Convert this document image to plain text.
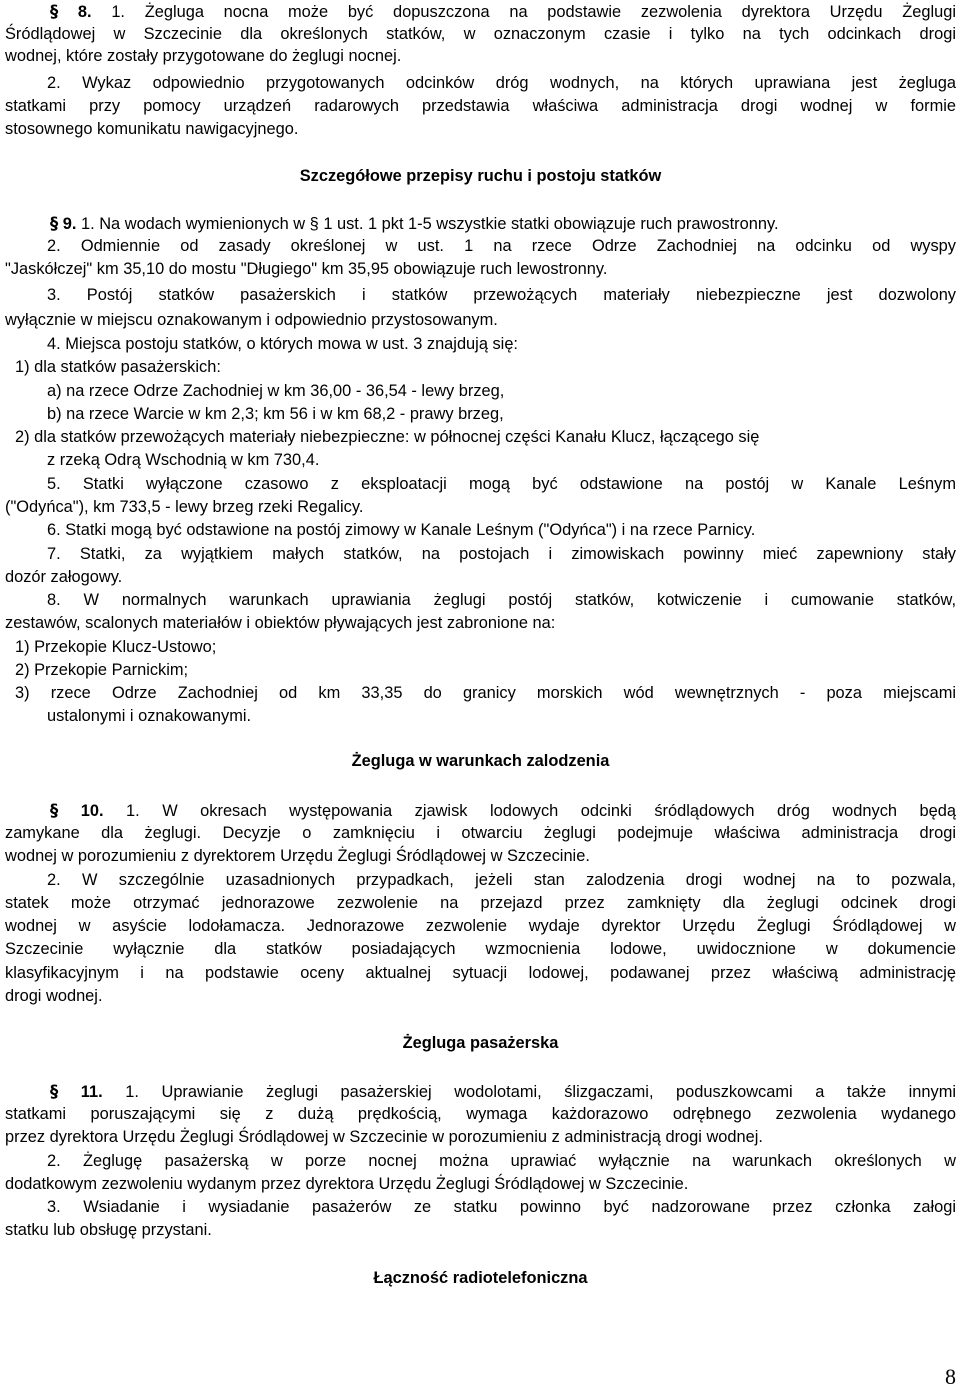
§ 8. 1. Żegluga nocna może być dopuszczona na podstawie zezwolenia dyrektora Urzędu Żeglugi
Śródlądowej w Szczecinie dla określonych statków, w oznaczonym czasie i tylko na tych odcinkach drogi
wodnej, które zostały przygotowane do żeglugi nocnej.
2. Wykaz odpowiednio przygotowanych odcinków dróg wodnych, na których uprawiana jest żegluga
statkami przy pomocy urządzeń radarowych przedstawia właściwa administracja drogi wodnej w formie
stosownego komunikatu nawigacyjnego.
Szczegółowe przepisy ruchu i postoju statków
§ 9. 1. Na wodach wymienionych w § 1 ust. 1 pkt 1-5 wszystkie statki obowiązuje ruch prawostronny.
2. Odmiennie od zasady określonej w ust. 1 na rzece Odrze Zachodniej na odcinku od wyspy
"Jaskółczej" km 35,10 do mostu "Długiego" km 35,95 obowiązuje ruch lewostronny.
3. Postój statków pasażerskich i statków przewożących materiały niebezpieczne jest dozwolony
wyłącznie w miejscu oznakowanym i odpowiednio przystosowanym.
4. Miejsca postoju statków, o których mowa w ust. 3 znajdują się:
1) dla statków pasażerskich:
a) na rzece Odrze Zachodniej w km 36,00 - 36,54 - lewy brzeg,
b) na rzece Warcie w km 2,3; km 56 i w km 68,2 - prawy brzeg,
2) dla statków przewożących materiały niebezpieczne: w północnej części Kanału Klucz, łączącego się
z rzeką Odrą Wschodnią w km 730,4.
5. Statki wyłączone czasowo z eksploatacji mogą być odstawione na postój w Kanale Leśnym
("Odyńca"), km 733,5 - lewy brzeg rzeki Regalicy.
6. Statki mogą być odstawione na postój zimowy w Kanale Leśnym ("Odyńca") i na rzece Parnicy.
7. Statki, za wyjątkiem małych statków, na postojach i zimowiskach powinny mieć zapewniony stały
dozór załogowy.
8. W normalnych warunkach uprawiania żeglugi postój statków, kotwiczenie i cumowanie statków,
zestawów, scalonych materiałów i obiektów pływających jest zabronione na:
1) Przekopie Klucz-Ustowo;
2) Przekopie Parnickim;
3) rzece Odrze Zachodniej od km 33,35 do granicy morskich wód wewnętrznych - poza miejscami
ustalonymi i oznakowanymi.
Żegluga w warunkach zalodzenia
§ 10. 1. W okresach występowania zjawisk lodowych odcinki śródlądowych dróg wodnych będą
zamykane dla żeglugi. Decyzje o zamknięciu i otwarciu żeglugi podejmuje właściwa administracja drogi
wodnej w porozumieniu z dyrektorem Urzędu Żeglugi Śródlądowej w Szczecinie.
2. W szczególnie uzasadnionych przypadkach, jeżeli stan zalodzenia drogi wodnej na to pozwala,
statek może otrzymać jednorazowe zezwolenie na przejazd przez zamknięty dla żeglugi odcinek drogi
wodnej w asyście lodołamacza. Jednorazowe zezwolenie wydaje dyrektor Urzędu Żeglugi Śródlądowej w
Szczecinie wyłącznie dla statków posiadających wzmocnienia lodowe, uwidocznione w dokumencie
klasyfikacyjnym i na podstawie oceny aktualnej sytuacji lodowej, podawanej przez właściwą administrację
drogi wodnej.
Żegluga pasażerska
§ 11. 1. Uprawianie żeglugi pasażerskiej wodolotami, ślizgaczami, poduszkowcami a także innymi
statkami poruszającymi się z dużą prędkością, wymaga każdorazowo odrębnego zezwolenia wydanego
przez dyrektora Urzędu Żeglugi Śródlądowej w Szczecinie w porozumieniu z administracją drogi wodnej.
2. Żeglugę pasażerską w porze nocnej można uprawiać wyłącznie na warunkach określonych w
dodatkowym zezwoleniu wydanym przez dyrektora Urzędu Żeglugi Śródlądowej w Szczecinie.
3. Wsiadanie i wysiadanie pasażerów ze statku powinno być nadzorowane przez członka załogi
statku lub obsługę przystani.
Łączność radiotelefoniczna
8
